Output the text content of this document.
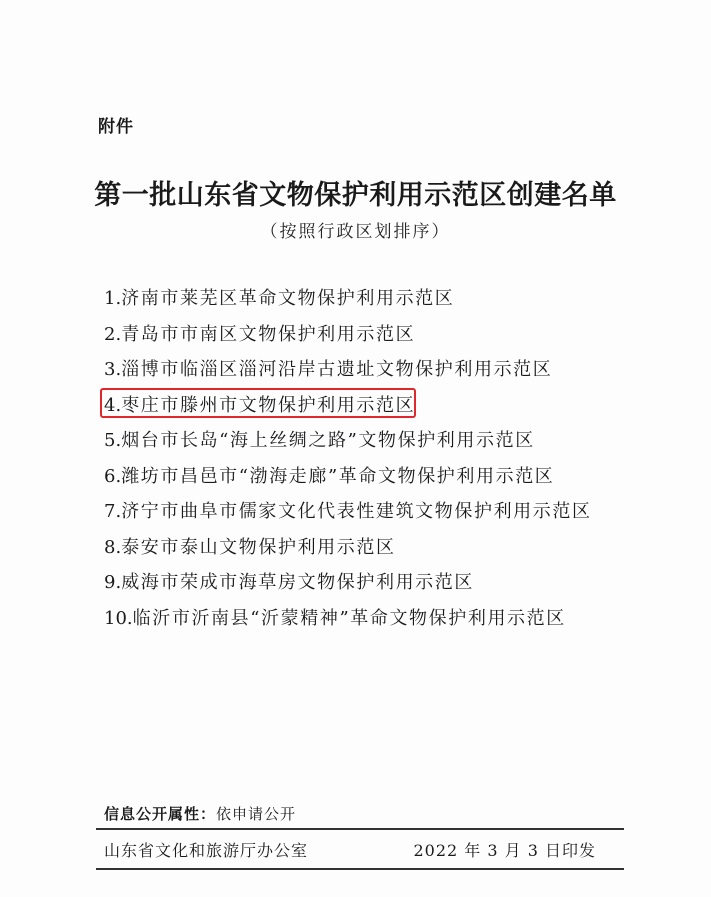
附件
第一批山东省文物保护利用示范区创建名单
（按照行政区划排序）
1.济南市莱芜区革命文物保护利用示范区
2.青岛市市南区文物保护利用示范区
3.淄博市临淄区淄河沿岸古遗址文物保护利用示范区
4.枣庄市滕州市文物保护利用示范区
5.烟台市长岛“海上丝绸之路”文物保护利用示范区
6.潍坊市昌邑市“渤海走廊”革命文物保护利用示范区
7.济宁市曲阜市儒家文化代表性建筑文物保护利用示范区
8.泰安市泰山文物保护利用示范区
9.威海市荣成市海草房文物保护利用示范区
10.临沂市沂南县“沂蒙精神”革命文物保护利用示范区
信息公开属性：依申请公开
山东省文化和旅游厅办公室	2022 年 3 月 3 日印发
